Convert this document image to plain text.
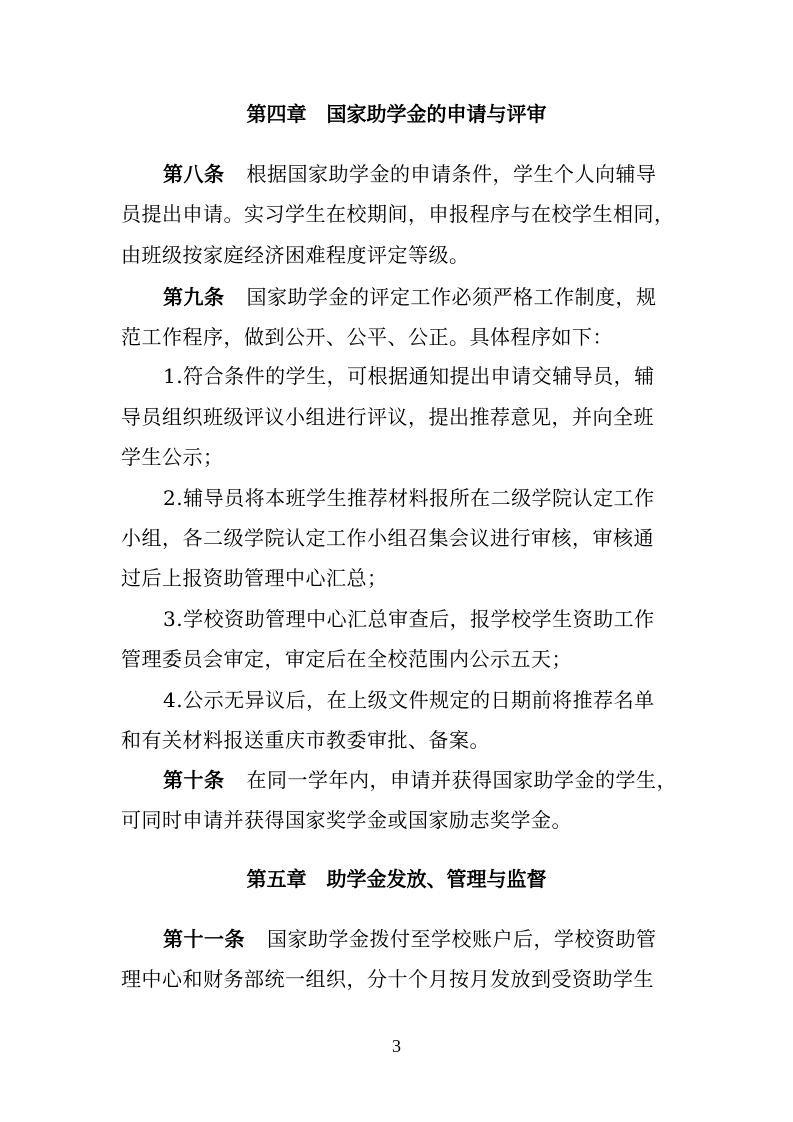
第四章　国家助学金的申请与评审
第八条 根据国家助学金的申请条件，学生个人向辅导
员提出申请。实习学生在校期间，申报程序与在校学生相同，
由班级按家庭经济困难程度评定等级。
第九条 国家助学金的评定工作必须严格工作制度，规
范工作程序，做到公开、公平、公正。具体程序如下：
1.符合条件的学生，可根据通知提出申请交辅导员，辅
导员组织班级评议小组进行评议，提出推荐意见，并向全班
学生公示；
2.辅导员将本班学生推荐材料报所在二级学院认定工作
小组，各二级学院认定工作小组召集会议进行审核，审核通
过后上报资助管理中心汇总；
3.学校资助管理中心汇总审查后，报学校学生资助工作
管理委员会审定，审定后在全校范围内公示五天；
4.公示无异议后，在上级文件规定的日期前将推荐名单
和有关材料报送重庆市教委审批、备案。
第十条 在同一学年内，申请并获得国家助学金的学生，
可同时申请并获得国家奖学金或国家励志奖学金。
第五章　助学金发放、管理与监督
第十一条 国家助学金拨付至学校账户后，学校资助管
理中心和财务部统一组织，分十个月按月发放到受资助学生
3
